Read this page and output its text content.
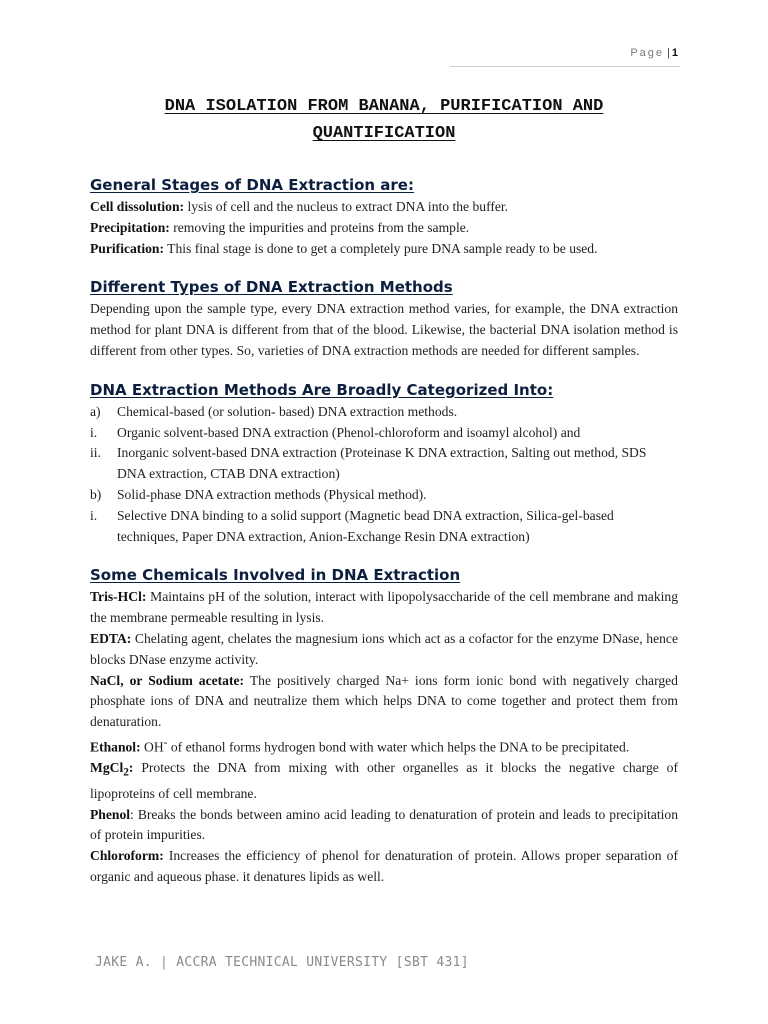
Page | 1
DNA ISOLATION FROM BANANA, PURIFICATION AND
QUANTIFICATION
General Stages of DNA Extraction are:

Cell dissolution: lysis of cell and the nucleus to extract DNA into the buffer.

Precipitation: removing the impurities and proteins from the sample.

Purification: This final stage is done to get a completely pure DNA sample ready to be used.

Different Types of DNA Extraction Methods

Depending upon the sample type, every DNA extraction method varies, for example, the DNA extraction method for plant DNA is different from that of the blood. Likewise, the bacterial DNA isolation method is different from other types. So, varieties of DNA extraction methods are needed for different samples.

DNA Extraction Methods Are Broadly Categorized Into:
a)	Chemical-based (or solution- based) DNA extraction methods.
i.	Organic solvent-based DNA extraction (Phenol-chloroform and isoamyl alcohol) and
ii.	Inorganic solvent-based DNA extraction (Proteinase K DNA extraction, Salting out method, SDS DNA extraction, CTAB DNA extraction)
b)	Solid-phase DNA extraction methods (Physical method).
i.	Selective DNA binding to a solid support (Magnetic bead DNA extraction, Silica-gel-based techniques, Paper DNA extraction, Anion-Exchange Resin DNA extraction)
Some Chemicals Involved in DNA Extraction

Tris-HCl: Maintains pH of the solution, interact with lipopolysaccharide of the cell membrane and making the membrane permeable resulting in lysis.

EDTA: Chelating agent, chelates the magnesium ions which act as a cofactor for the enzyme DNase, hence blocks DNase enzyme activity.

NaCl, or Sodium acetate: The positively charged Na+ ions form ionic bond with negatively charged phosphate ions of DNA and neutralize them which helps DNA to come together and protect them from denaturation.

Ethanol: OH- of ethanol forms hydrogen bond with water which helps the DNA to be precipitated.

MgCl$_2$: Protects the DNA from mixing with other organelles as it blocks the negative charge of lipoproteins of cell membrane.

Phenol: Breaks the bonds between amino acid leading to denaturation of protein and leads to precipitation of protein impurities.

Chloroform: Increases the efficiency of phenol for denaturation of protein. Allows proper separation of organic and aqueous phase. it denatures lipids as well.

JAKE A. | ACCRA TECHNICAL UNIVERSITY [SBT 431]
